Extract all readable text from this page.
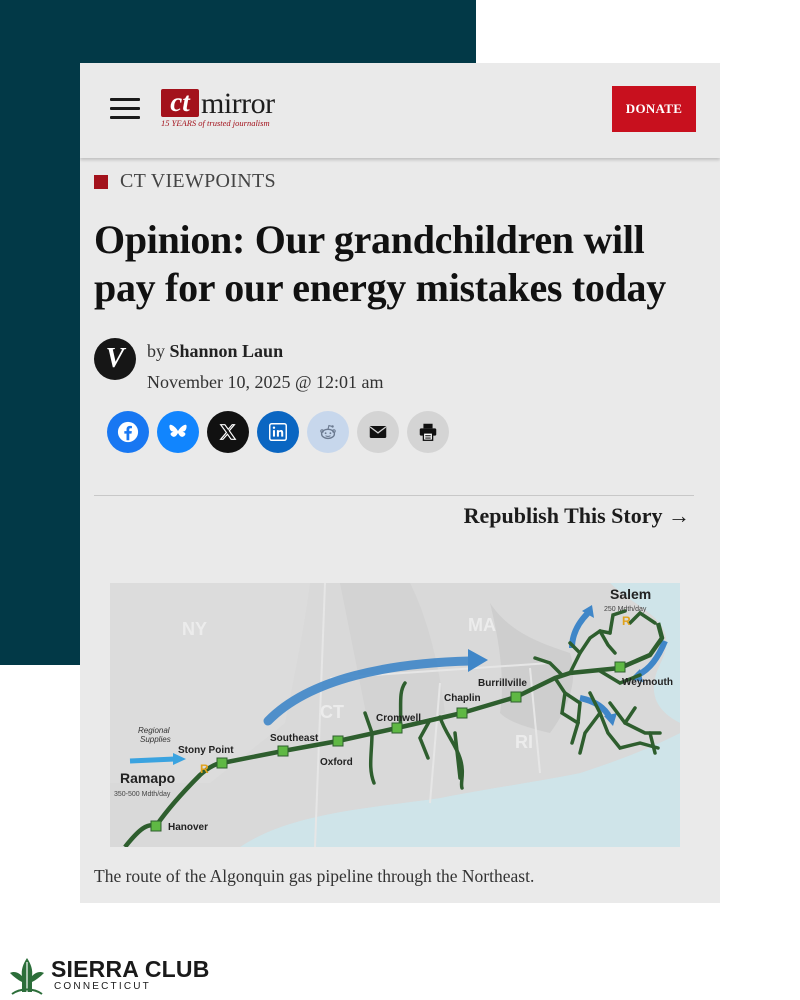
ct mirror
15 YEARS of trusted journalism
DONATE
CT VIEWPOINTS
Opinion: Our grandchildren will pay for our energy mistakes today
V	by Shannon Laun
November 10, 2025 @ 12:01 am
Republish This Story →
NY	MA
CT
RI
Regional
Supplies
Stony Point
Southeast
Oxford
Cromwell
Chaplin
Burrillville	Weymouth
Hanover
Ramapo
350-500 Mdth/day
R
Salem
250 Mdth/day
R
The route of the Algonquin gas pipeline through the Northeast.
SIERRA CLUB
CONNECTICUT
